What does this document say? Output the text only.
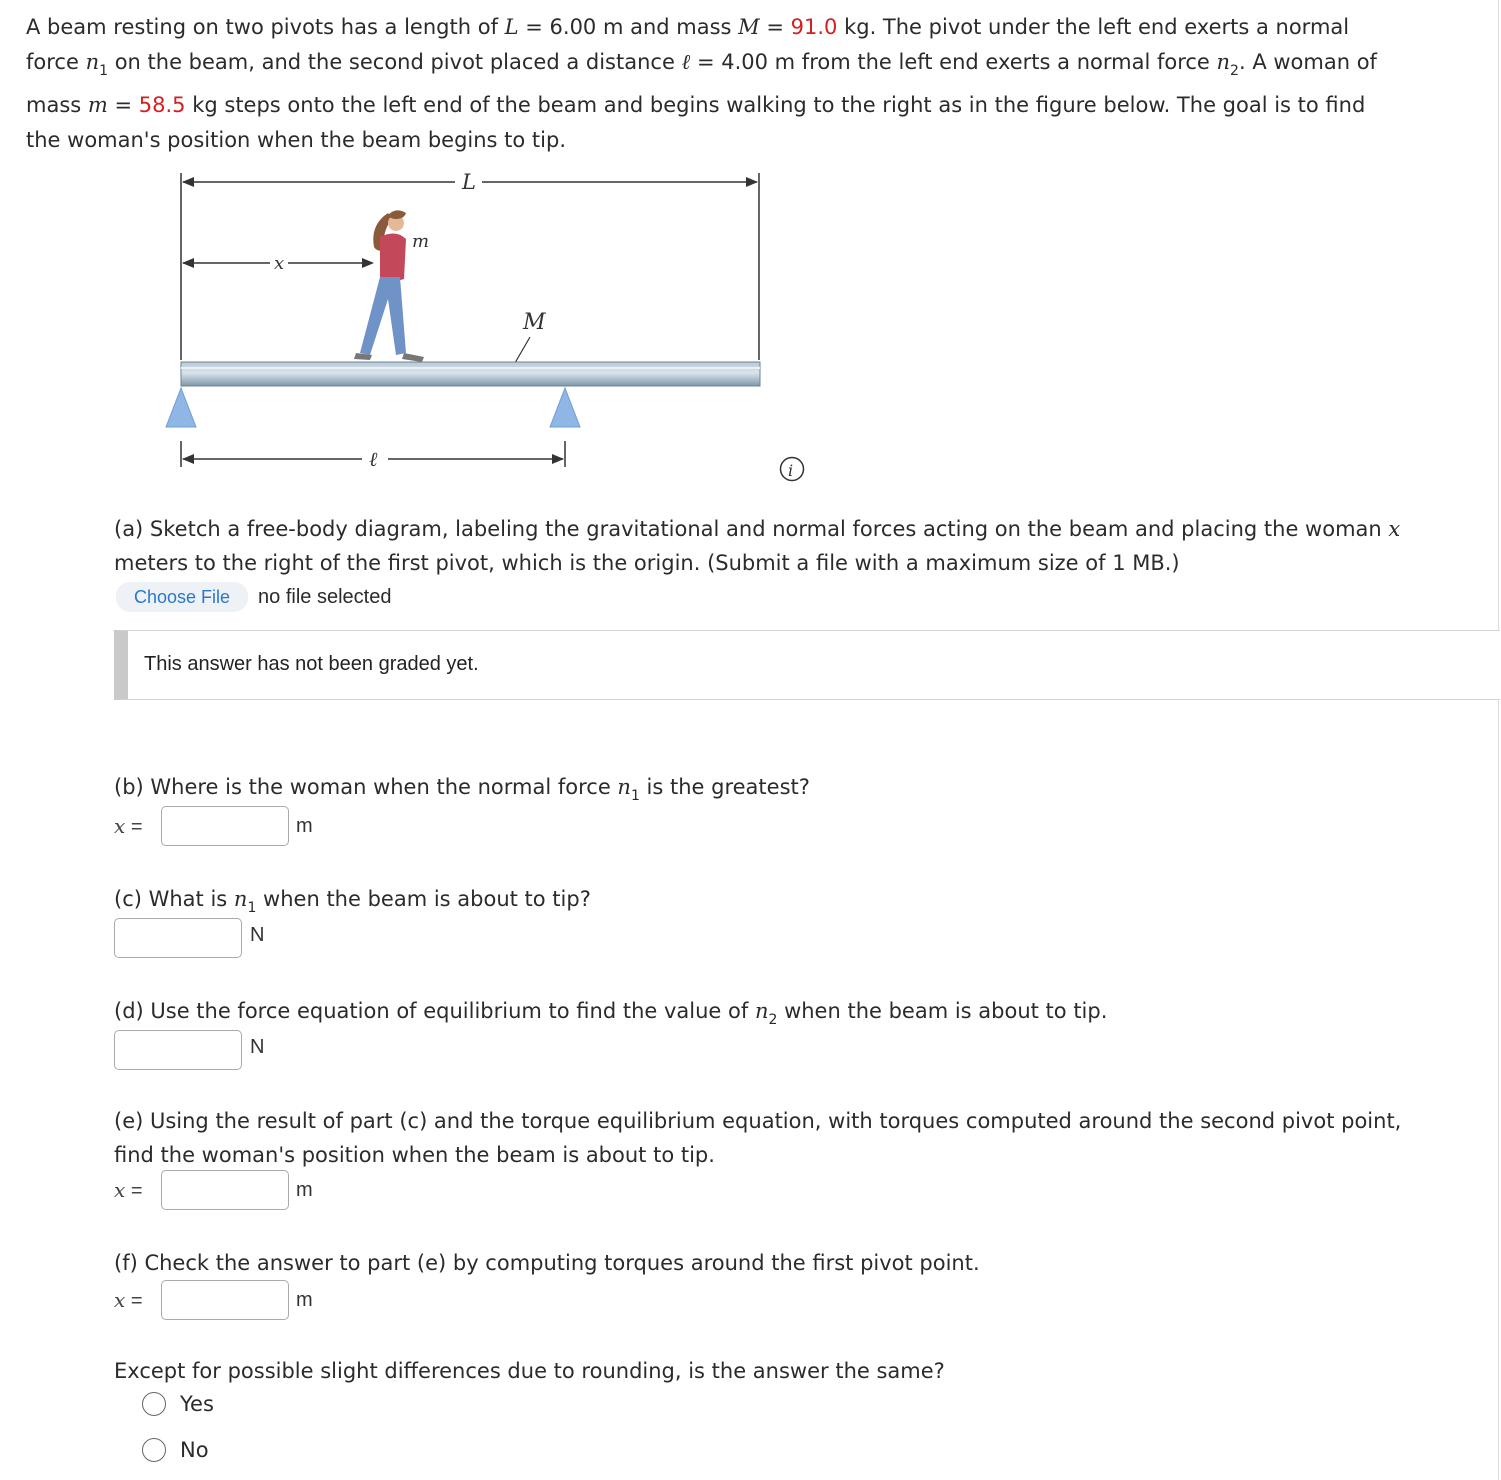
A beam resting on two pivots has a length of L = 6.00 m and mass M = 91.0 kg. The pivot under the left end exerts a normal
force $n_1$ on the beam, and the second pivot placed a distance ℓ = 4.00 m from the left end exerts a normal force $n_2$. A woman of
mass m = 58.5 kg steps onto the left end of the beam and begins walking to the right as in the figure below. The goal is to find
the woman's position when the beam begins to tip.
L
x
m
M
ℓ	i
(a) Sketch a free-body diagram, labeling the gravitational and normal forces acting on the beam and placing the woman x
meters to the right of the first pivot, which is the origin. (Submit a file with a maximum size of 1 MB.)
Choose File	no file selected
This answer has not been graded yet.
(b) Where is the woman when the normal force $n_1$ is the greatest?
x =	m
(c) What is $n_1$ when the beam is about to tip?
N
(d) Use the force equation of equilibrium to find the value of $n_2$ when the beam is about to tip.
N
(e) Using the result of part (c) and the torque equilibrium equation, with torques computed around the second pivot point,
find the woman's position when the beam is about to tip.
x =	m
(f) Check the answer to part (e) by computing torques around the first pivot point.
x =	m
Except for possible slight differences due to rounding, is the answer the same?
Yes
No
